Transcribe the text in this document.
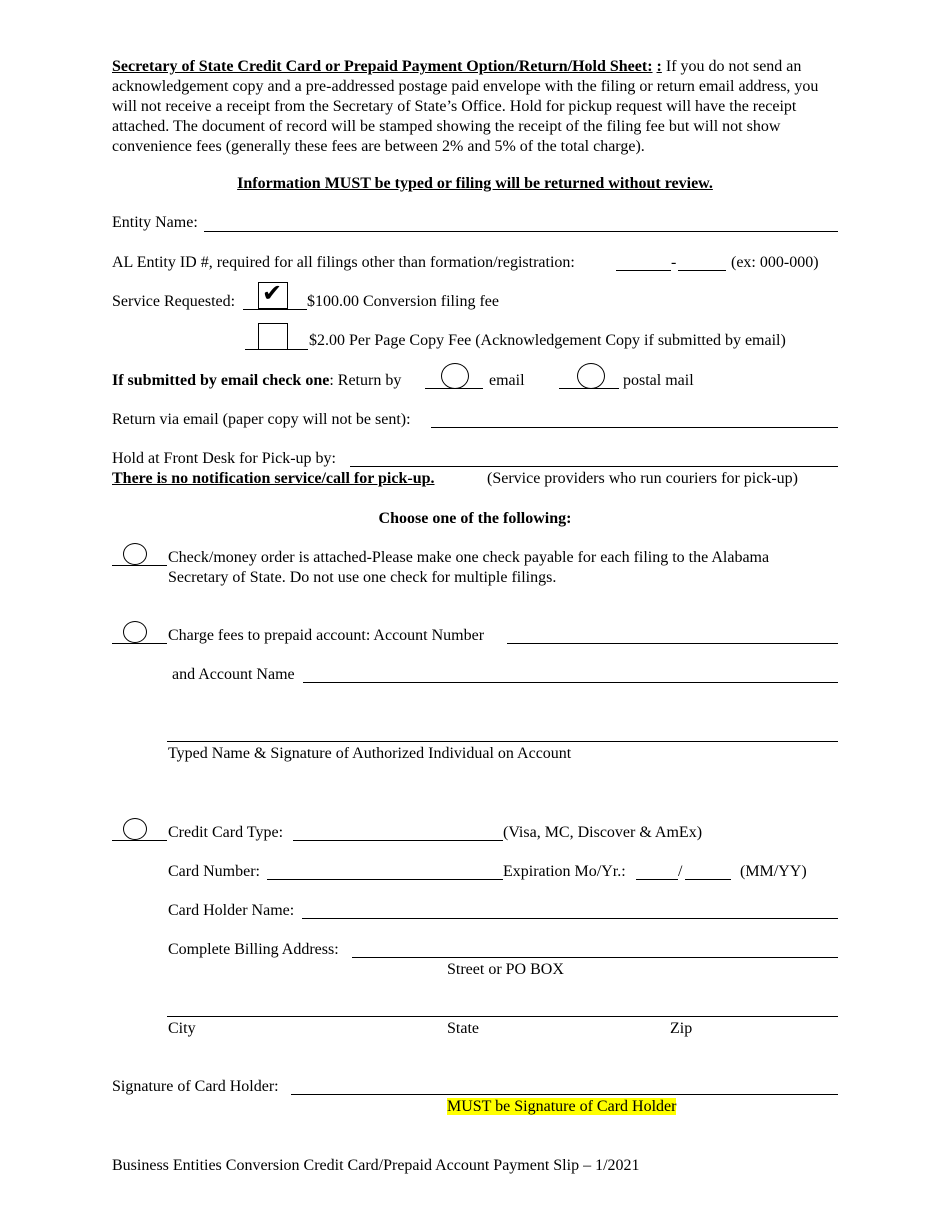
Secretary of State Credit Card or Prepaid Payment Option/Return/Hold Sheet: : If you do not send an acknowledgement copy and a pre-addressed postage paid envelope with the filing or return email address, you will not receive a receipt from the Secretary of State’s Office. Hold for pickup request will have the receipt attached. The document of record will be stamped showing the receipt of the filing fee but will not show convenience fees (generally these fees are between 2% and 5% of the total charge).
Information MUST be typed or filing will be returned without review.
Entity Name:
AL Entity ID #, required for all filings other than formation/registration:	-	(ex: 000-000)
Service Requested: ✔ $100.00 Conversion filing fee
$2.00 Per Page Copy Fee (Acknowledgement Copy if submitted by email)
If submitted by email check one: Return by	email	postal mail
Return via email (paper copy will not be sent):
Hold at Front Desk for Pick-up by:
There is no notification service/call for pick-up.	(Service providers who run couriers for pick-up)
Choose one of the following:
Check/money order is attached-Please make one check payable for each filing to the Alabama
Secretary of State. Do not use one check for multiple filings.
Charge fees to prepaid account: Account Number
and Account Name
Typed Name & Signature of Authorized Individual on Account
Credit Card Type:	(Visa, MC, Discover & AmEx)
Card Number:	Expiration Mo/Yr.:	/	(MM/YY)
Card Holder Name:
Complete Billing Address:
Street or PO BOX
City	State	Zip
Signature of Card Holder:
MUST be Signature of Card Holder
Business Entities Conversion Credit Card/Prepaid Account Payment Slip – 1/2021
